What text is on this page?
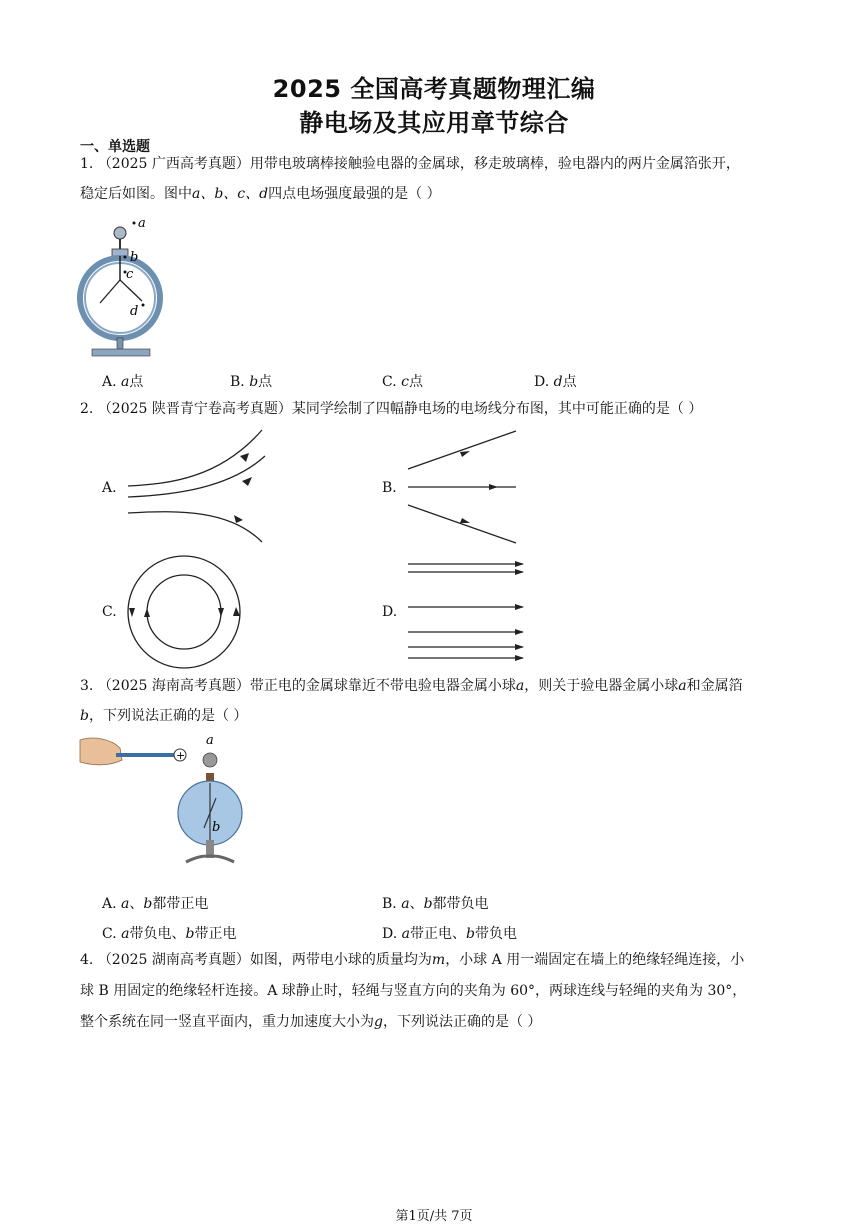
2025 全国高考真题物理汇编
静电场及其应用章节综合
一、单选题
1. （2025 广西高考真题）用带电玻璃棒接触验电器的金属球，移走玻璃棒，验电器内的两片金属箔张开，
稳定后如图。图中a、b、c、d四点电场强度最强的是（ ）
a
b
c
d
A. a点	B. b点	C. c点	D. d点
2. （2025 陕晋青宁卷高考真题）某同学绘制了四幅静电场的电场线分布图，其中可能正确的是（ ）
A.	B.
C.	D.
3. （2025 海南高考真题）带正电的金属球靠近不带电验电器金属小球a，则关于验电器金属小球a和金属箔
b，下列说法正确的是（ ）
+
a
b
A. a、b都带正电	B. a、b都带负电
C. a带负电、b带正电	D. a带正电、b带负电
4. （2025 湖南高考真题）如图，两带电小球的质量均为m，小球 A 用一端固定在墙上的绝缘轻绳连接，小
球 B 用固定的绝缘轻杆连接。A 球静止时，轻绳与竖直方向的夹角为 60°，两球连线与轻绳的夹角为 30°，
整个系统在同一竖直平面内，重力加速度大小为g，下列说法正确的是（ ）
第1页/共 7页
